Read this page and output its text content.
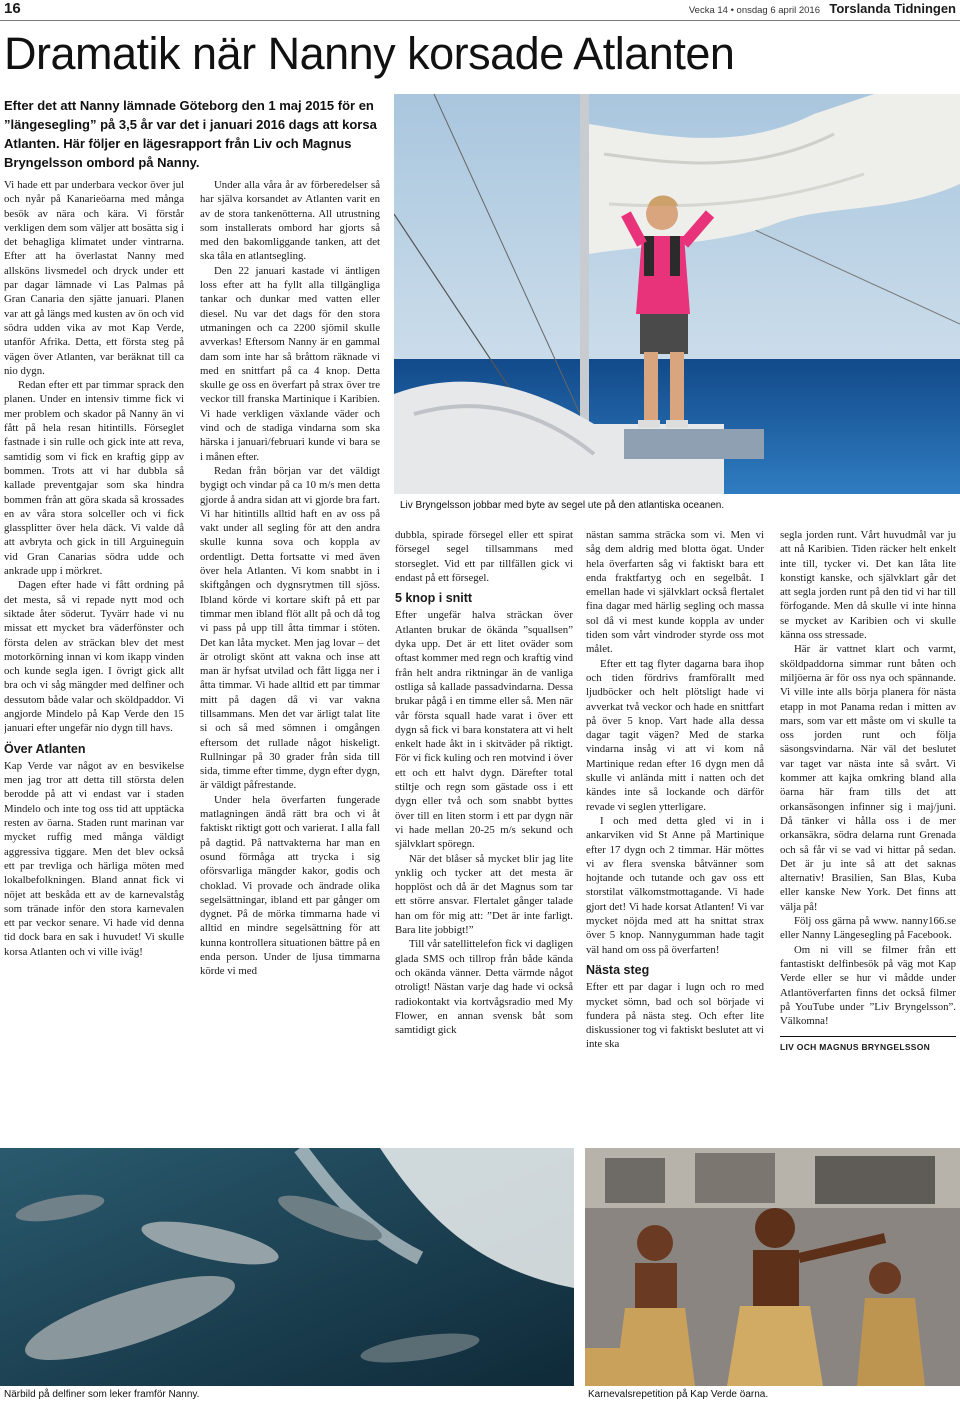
16	Vecka 14 • onsdag 6 april 2016 Torslanda Tidningen
Dramatik när Nanny korsade Atlanten
Efter det att Nanny lämnade Göteborg den 1 maj 2015 för en ”längesegling” på 3,5 år var det i januari 2016 dags att korsa Atlanten. Här följer en lägesrapport från Liv och Magnus Bryngelsson ombord på Nanny.

Vi hade ett par underbara veckor över jul och nyår på Kanarieöarna med många besök av nära och kära. Vi förstår verkligen dem som väljer att bosätta sig i det behagliga klimatet under vintrarna. Efter att ha överlastat Nanny med allsköns livsmedel och dryck under ett par dagar lämnade vi Las Palmas på Gran Canaria den sjätte januari. Planen var att gå längs med kusten av ön och vid södra udden vika av mot Kap Verde, utanför Afrika. Detta, ett första steg på vägen över Atlanten, var beräknat till ca nio dygn.

Redan efter ett par timmar sprack den planen. Under en intensiv timme fick vi mer problem och skador på Nanny än vi fått på hela resan hitintills. Förseglet fastnade i sin rulle och gick inte att reva, samtidig som vi fick en kraftig gipp av bommen. Trots att vi har dubbla så kallade preventgajar som ska hindra bommen från att göra skada så krossades en av våra stora solceller och vi fick glassplitter över hela däck. Vi valde då att avbryta och gick in till Arguineguin vid Gran Canarias södra udde och ankrade upp i mörkret.

Dagen efter hade vi fått ordning på det mesta, så vi repade nytt mod och siktade åter söderut. Tyvärr hade vi nu missat ett mycket bra väderfönster och första delen av sträckan blev det mest motorkörning innan vi kom ikapp vinden och kunde segla igen. I övrigt gick allt bra och vi såg mängder med delfiner och dessutom både valar och sköldpaddor. Vi angjorde Mindelo på Kap Verde den 15 januari efter ungefär nio dygn till havs.

Över Atlanten

Kap Verde var något av en besvikelse men jag tror att detta till största delen berodde på att vi endast var i staden Mindelo och inte tog oss tid att upptäcka resten av öarna. Staden runt marinan var mycket ruffig med många väldigt aggressiva tiggare. Men det blev också ett par trevliga och härliga möten med lokalbefolkningen. Bland annat fick vi nöjet att beskåda ett av de karnevalståg som tränade inför den stora karnevalen ett par veckor senare. Vi hade vid denna tid dock bara en sak i huvudet! Vi skulle korsa Atlanten och vi ville iväg!

Under alla våra år av förberedelser så har själva korsandet av Atlanten varit en av de stora tankenötterna. All utrustning som installerats ombord har gjorts så med den bakomliggande tanken, att det ska tåla en atlantsegling.

Den 22 januari kastade vi äntligen loss efter att ha fyllt alla tillgängliga tankar och dunkar med vatten eller diesel. Nu var det dags för den stora utmaningen och ca 2200 sjömil skulle avverkas! Eftersom Nanny är en gammal dam som inte har så bråttom räknade vi med en snittfart på ca 4 knop. Detta skulle ge oss en överfart på strax över tre veckor till franska Martinique i Karibien. Vi hade verkligen växlande väder och vind och de stadiga vindarna som ska härska i januari/februari kunde vi bara se i månen efter.

Redan från början var det väldigt bygigt och vindar på ca 10 m/s men detta gjorde å andra sidan att vi gjorde bra fart. Vi har hitintills alltid haft en av oss på vakt under all segling för att den andra skulle kunna sova och koppla av ordentligt. Detta fortsatte vi med även över hela Atlanten. Vi kom snabbt in i skiftgången och dygnsrytmen till sjöss. Ibland körde vi kortare skift på ett par timmar men ibland flöt allt på och då tog vi pass på upp till åtta timmar i stöten. Det kan låta mycket. Men jag lovar – det är otroligt skönt att vakna och inse att man är hyfsat utvilad och fått ligga ner i åtta timmar. Vi hade alltid ett par timmar mitt på dagen då vi var vakna tillsammans. Men det var ärligt talat lite si och så med sömnen i omgången eftersom det rullade något hiskeligt. Rullningar på 30 grader från sida till sida, timme efter timme, dygn efter dygn, är väldigt påfrestande.

Under hela överfarten fungerade matlagningen ändå rätt bra och vi åt faktiskt riktigt gott och varierat. I alla fall på dagtid. På nattvakterna har man en osund förmåga att trycka i sig oförsvarliga mängder kakor, godis och choklad. Vi provade och ändrade olika segelsättningar, ibland ett par gånger om dygnet. På de mörka timmarna hade vi alltid en mindre segelsättning för att kunna kontrollera situationen bättre på en enda person. Under de ljusa timmarna körde vi med

Liv Bryngelsson jobbar med byte av segel ute på den atlantiska oceanen.

dubbla, spirade försegel eller ett spirat försegel segel tillsammans med storseglet. Vid ett par tillfällen gick vi endast på ett försegel.

5 knop i snitt

Efter ungefär halva sträckan över Atlanten brukar de ökända ”squallsen” dyka upp. Det är ett litet oväder som oftast kommer med regn och kraftig vind från helt andra riktningar än de vanliga ostliga så kallade passadvindarna. Dessa brukar pågå i en timme eller så. Men när vår första squall hade varat i över ett dygn så fick vi bara konstatera att vi helt enkelt hade åkt in i skitväder på riktigt. För vi fick kuling och ren motvind i över ett och ett halvt dygn. Därefter total stiltje och regn som gästade oss i ett dygn eller två och som snabbt byttes över till en liten storm i ett par dygn när vi hade mellan 20-25 m/s sekund och självklart spöregn.

När det blåser så mycket blir jag lite ynklig och tycker att det mesta är hopplöst och då är det Magnus som tar ett större ansvar. Flertalet gånger talade han om för mig att: ”Det är inte farligt. Bara lite jobbigt!”

Till vår satellittelefon fick vi dagligen glada SMS och tillrop från både kända och okända vänner. Detta värmde något otroligt! Nästan varje dag hade vi också radiokontakt via kortvågsradio med My Flower, en annan svensk båt som samtidigt gick

nästan samma sträcka som vi. Men vi såg dem aldrig med blotta ögat. Under hela överfarten såg vi faktiskt bara ett enda fraktfartyg och en segelbåt. I emellan hade vi självklart också flertalet fina dagar med härlig segling och massa sol då vi mest kunde koppla av under tiden som vårt vindroder styrde oss mot målet.

Efter ett tag flyter dagarna bara ihop och tiden fördrivs framförallt med ljudböcker och helt plötsligt hade vi avverkat två veckor och hade en snittfart på över 5 knop. Vart hade alla dessa dagar tagit vägen? Med de starka vindarna insåg vi att vi kom nå Martinique redan efter 16 dygn men då skulle vi anlända mitt i natten och det kändes inte så lockande och därför revade vi seglen ytterligare.

I och med detta gled vi in i ankarviken vid St Anne på Martinique efter 17 dygn och 2 timmar. Här möttes vi av flera svenska båtvänner som hojtande och tutande och gav oss ett storstilat välkomstmottagande. Vi hade gjort det! Vi hade korsat Atlanten! Vi var mycket nöjda med att ha snittat strax över 5 knop. Nannygumman hade tagit väl hand om oss på överfarten!

Nästa steg

Efter ett par dagar i lugn och ro med mycket sömn, bad och sol började vi fundera på nästa steg. Och efter lite diskussioner tog vi faktiskt beslutet att vi inte ska

segla jorden runt. Vårt huvudmål var ju att nå Karibien. Tiden räcker helt enkelt inte till, tycker vi. Det kan låta lite konstigt kanske, och självklart går det att segla jorden runt på den tid vi har till förfogande. Men då skulle vi inte hinna se mycket av Karibien och vi skulle känna oss stressade.

Här är vattnet klart och varmt, sköldpaddorna simmar runt båten och miljöerna är för oss nya och spännande. Vi ville inte alls börja planera för nästa etapp in mot Panama redan i mitten av mars, som var ett måste om vi skulle ta oss jorden runt och följa säsongsvindarna. När väl det beslutet var taget var nästa inte så svårt. Vi kommer att kajka omkring bland alla öarna här fram tills det att orkansäsongen infinner sig i maj/juni. Då tänker vi hålla oss i de mer orkansäkra, södra delarna runt Grenada och så får vi se vad vi hittar på sedan. Det är ju inte så att det saknas alternativ! Brasilien, San Blas, Kuba eller kanske New York. Det finns att välja på!

Följ oss gärna på www. nanny166.se eller Nanny Längesegling på Facebook.

Om ni vill se filmer från ett fantastiskt delfinbesök på väg mot Kap Verde eller se hur vi mådde under Atlantöverfarten finns det också filmer på YouTube under ”Liv Bryngelsson”. Välkomna!

LIV OCH MAGNUS BRYNGELSSON
Närbild på delfiner som leker framför Nanny.	Karnevalsrepetition på Kap Verde öarna.
